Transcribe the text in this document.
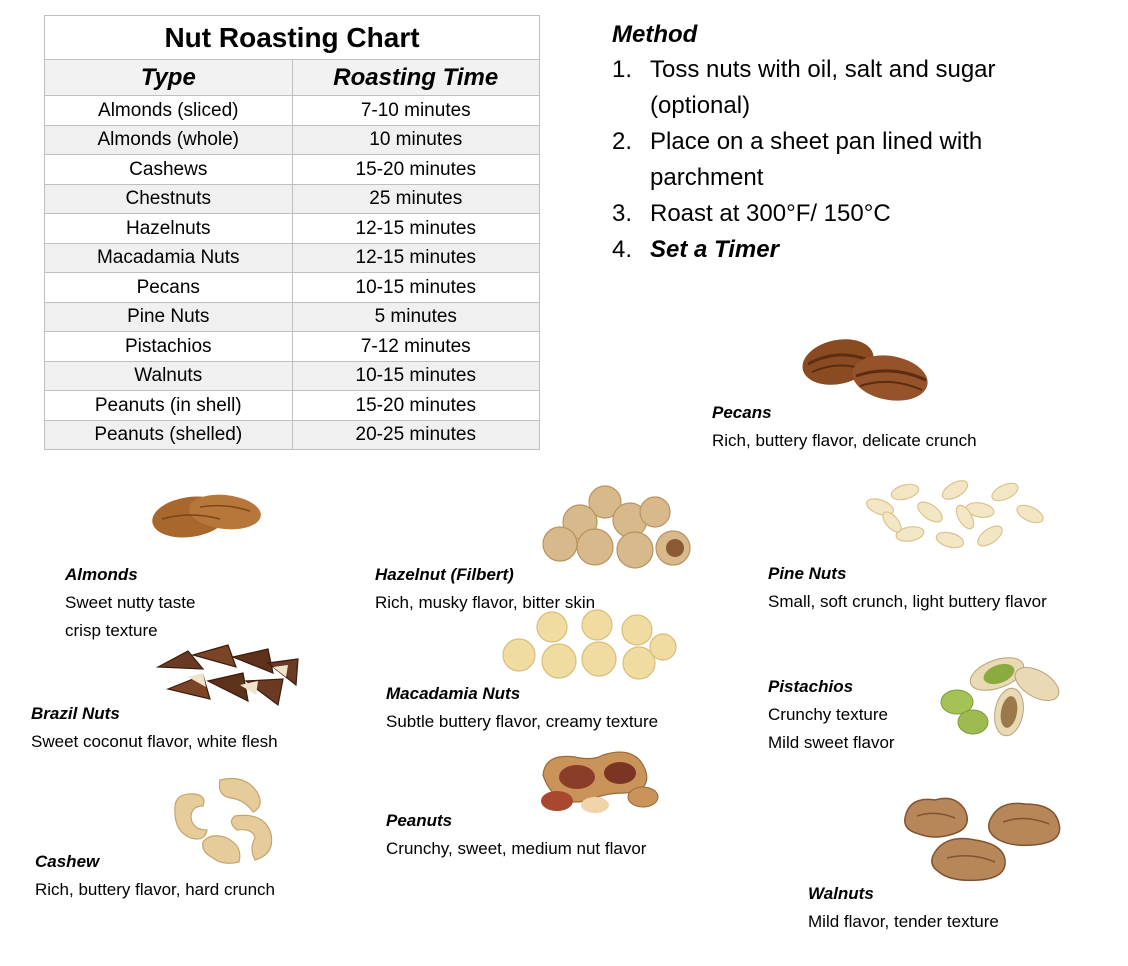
Nut Roasting Chart	
Type	Roasting Time
Almonds (sliced)	7-10 minutes
Almonds (whole)	10 minutes
Cashews	15-20 minutes
Chestnuts	25 minutes
Hazelnuts	12-15 minutes
Macadamia Nuts	12-15 minutes
Pecans	10-15 minutes
Pine Nuts	5 minutes
Pistachios	7-12 minutes
Walnuts	10-15 minutes
Peanuts (in shell)	15-20 minutes
Peanuts (shelled)	20-25 minutes
Method
1. Toss nuts with oil, salt and sugar
(optional)
2. Place on a sheet pan lined with
parchment
3. Roast at 300°F/ 150°C
4. Set a Timer
Pecans
Rich, buttery flavor, delicate crunch
Almonds
Sweet nutty taste
crisp texture
Hazelnut (Filbert)
Rich, musky flavor, bitter skin
Pine Nuts
Small, soft crunch, light buttery flavor
Brazil Nuts
Sweet coconut flavor, white flesh
Macadamia Nuts
Subtle buttery flavor, creamy texture
Pistachios
Crunchy texture
Mild sweet flavor
Peanuts
Crunchy, sweet, medium nut flavor
Cashew
Rich, buttery flavor, hard crunch	Walnuts
Mild flavor, tender texture
